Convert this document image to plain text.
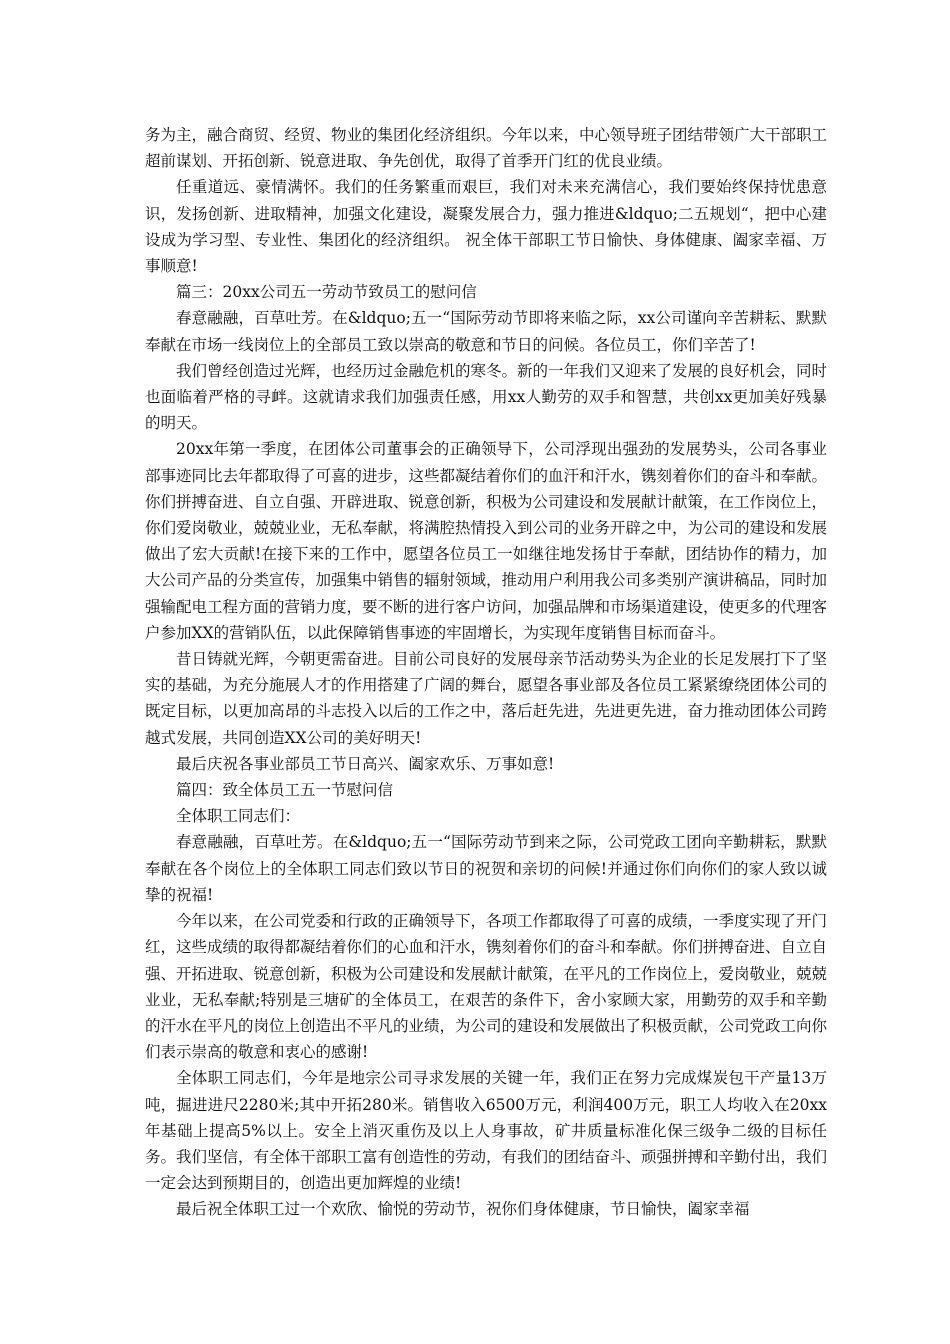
务为主，融合商贸、经贸、物业的集团化经济组织。今年以来，中心领导班子团结带领广大干部职工超前谋划、开拓创新、锐意进取、争先创优，取得了首季开门红的优良业绩。

任重道远、豪情满怀。我们的任务繁重而艰巨，我们对未来充满信心，我们要始终保持忧患意识，发扬创新、进取精神，加强文化建设，凝聚发展合力，强力推进&ldquo;二五规划“，把中心建设成为学习型、专业性、集团化的经济组织。 祝全体干部职工节日愉快、身体健康、阖家幸福、万事顺意!

篇三：20xx公司五一劳动节致员工的慰问信

春意融融，百草吐芳。在&ldquo;五一“国际劳动节即将来临之际，xx公司谨向辛苦耕耘、默默奉献在市场一线岗位上的全部员工致以崇高的敬意和节日的问候。各位员工，你们辛苦了!

我们曾经创造过光辉，也经历过金融危机的寒冬。新的一年我们又迎来了发展的良好机会，同时也面临着严格的寻衅。这就请求我们加强责任感，用xx人勤劳的双手和智慧，共创xx更加美好残暴的明天。

20xx年第一季度，在团体公司董事会的正确领导下，公司浮现出强劲的发展势头，公司各事业部事迹同比去年都取得了可喜的进步，这些都凝结着你们的血汗和汗水，镌刻着你们的奋斗和奉献。你们拼搏奋进、自立自强、开辟进取、锐意创新，积极为公司建设和发展献计献策，在工作岗位上，你们爱岗敬业，兢兢业业，无私奉献，将满腔热情投入到公司的业务开辟之中，为公司的建设和发展做出了宏大贡献!在接下来的工作中，愿望各位员工一如继往地发扬甘于奉献，团结协作的精力，加大公司产品的分类宣传，加强集中销售的辐射领域，推动用户利用我公司多类别产演讲稿品，同时加强输配电工程方面的营销力度，要不断的进行客户访问，加强品牌和市场渠道建设，使更多的代理客户参加XX的营销队伍，以此保障销售事迹的牢固增长，为实现年度销售目标而奋斗。

昔日铸就光辉，今朝更需奋进。目前公司良好的发展母亲节活动势头为企业的长足发展打下了坚实的基础，为充分施展人才的作用搭建了广阔的舞台，愿望各事业部及各位员工紧紧缭绕团体公司的既定目标，以更加高昂的斗志投入以后的工作之中，落后赶先进，先进更先进，奋力推动团体公司跨越式发展，共同创造XX公司的美好明天!

最后庆祝各事业部员工节日高兴、阖家欢乐、万事如意!

篇四：致全体员工五一节慰问信

全体职工同志们：

春意融融，百草吐芳。在&ldquo;五一“国际劳动节到来之际，公司党政工团向辛勤耕耘，默默奉献在各个岗位上的全体职工同志们致以节日的祝贺和亲切的问候!并通过你们向你们的家人致以诚挚的祝福!

今年以来，在公司党委和行政的正确领导下，各项工作都取得了可喜的成绩，一季度实现了开门红，这些成绩的取得都凝结着你们的心血和汗水，镌刻着你们的奋斗和奉献。你们拼搏奋进、自立自强、开拓进取、锐意创新，积极为公司建设和发展献计献策，在平凡的工作岗位上，爱岗敬业，兢兢业业，无私奉献;特别是三塘矿的全体员工，在艰苦的条件下，舍小家顾大家，用勤劳的双手和辛勤的汗水在平凡的岗位上创造出不平凡的业绩，为公司的建设和发展做出了积极贡献，公司党政工向你们表示崇高的敬意和衷心的感谢!

全体职工同志们，今年是地宗公司寻求发展的关键一年，我们正在努力完成煤炭包干产量13万吨，掘进进尺2280米;其中开拓280米。销售收入6500万元，利润400万元，职工人均收入在20xx年基础上提高5%以上。安全上消灭重伤及以上人身事故，矿井质量标准化保三级争二级的目标任务。我们坚信，有全体干部职工富有创造性的劳动，有我们的团结奋斗、顽强拼搏和辛勤付出，我们一定会达到预期目的，创造出更加辉煌的业绩!

最后祝全体职工过一个欢欣、愉悦的劳动节，祝你们身体健康，节日愉快，阖家幸福
